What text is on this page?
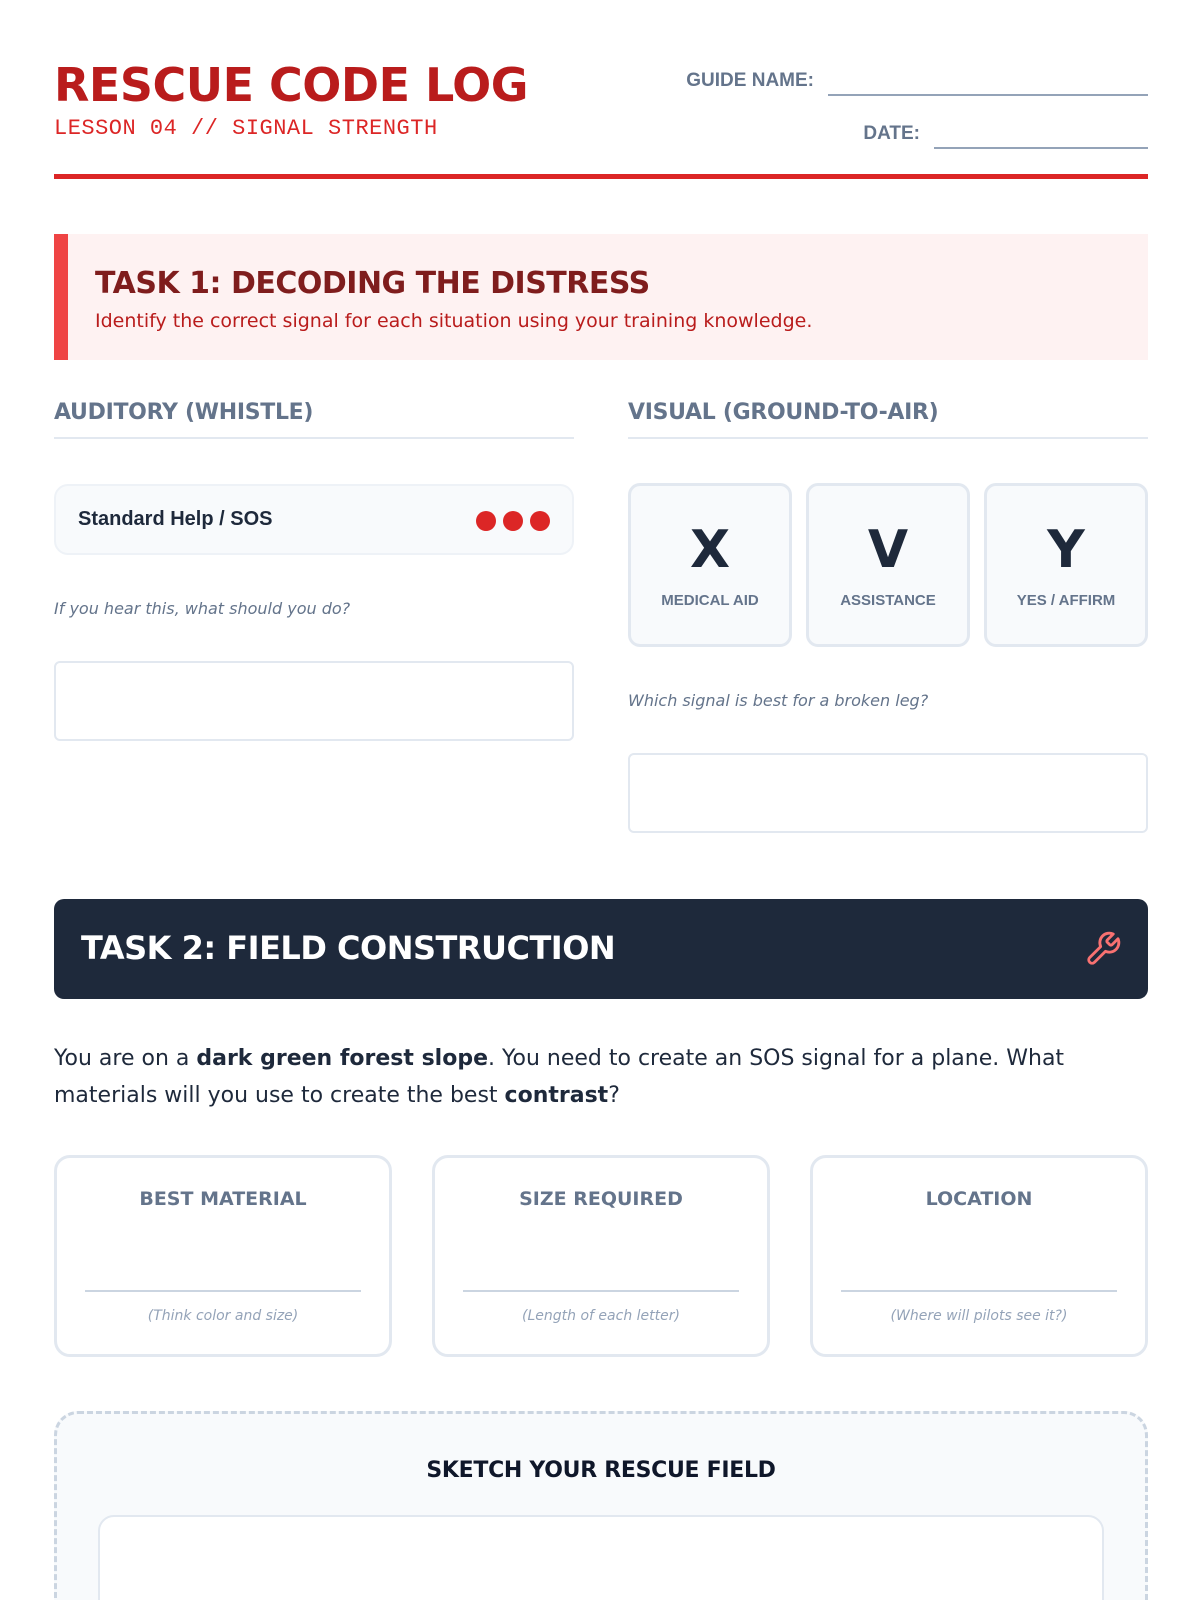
RESCUE CODE LOG
LESSON 04 // SIGNAL STRENGTH
GUIDE NAME:
DATE:
TASK 1: DECODING THE DISTRESS
Identify the correct signal for each situation using your training knowledge.
AUDITORY (WHISTLE)	VISUAL (GROUND-TO-AIR)
Standard Help / SOS
If you hear this, what should you do?
X
MEDICAL AID
V
ASSISTANCE
Y
YES / AFFIRM
Which signal is best for a broken leg?
TASK 2: FIELD CONSTRUCTION
You are on a dark green forest slope. You need to create an SOS signal for a plane. What materials will you use to create the best contrast?
BEST MATERIAL
(Think color and size)
SIZE REQUIRED
(Length of each letter)
LOCATION
(Where will pilots see it?)
SKETCH YOUR RESCUE FIELD
